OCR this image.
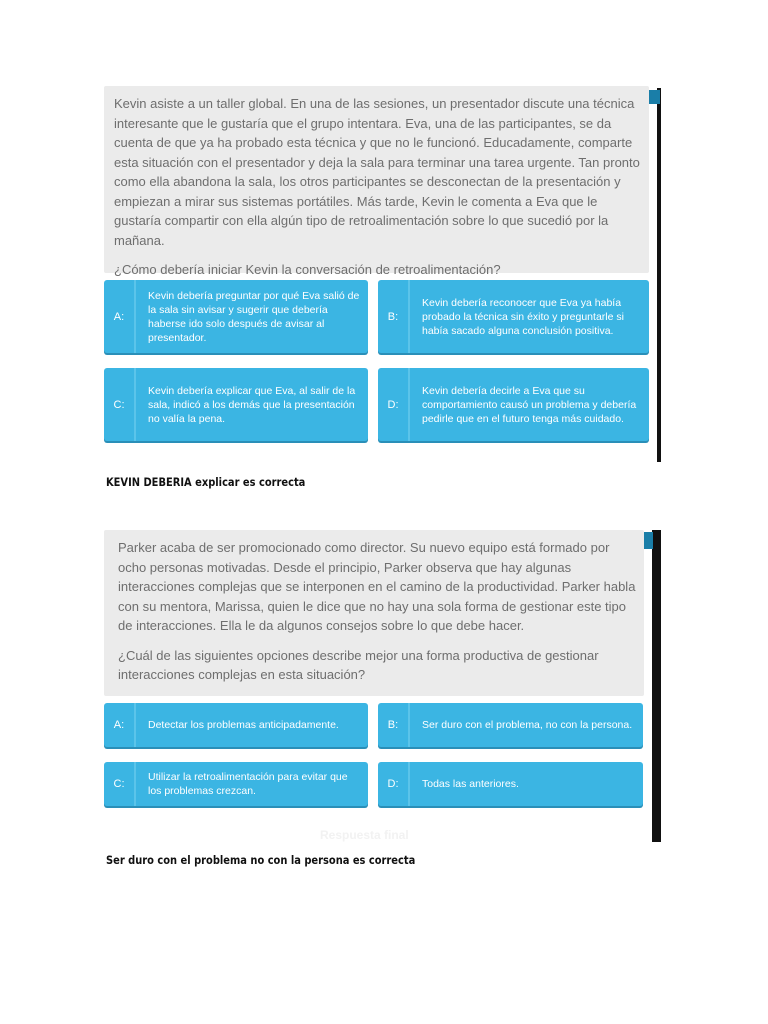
Kevin asiste a un taller global. En una de las sesiones, un presentador discute una técnica interesante que le gustaría que el grupo intentara. Eva, una de las participantes, se da cuenta de que ya ha probado esta técnica y que no le funcionó. Educadamente, comparte esta situación con el presentador y deja la sala para terminar una tarea urgente. Tan pronto como ella abandona la sala, los otros participantes se desconectan de la presentación y empiezan a mirar sus sistemas portátiles. Más tarde, Kevin le comenta a Eva que le gustaría compartir con ella algún tipo de retroalimentación sobre lo que sucedió por la mañana.

¿Cómo debería iniciar Kevin la conversación de retroalimentación?

A:
Kevin debería preguntar por qué Eva salió de la sala sin avisar y sugerir que debería haberse ido solo después de avisar al presentador.
B:
Kevin debería reconocer que Eva ya había probado la técnica sin éxito y preguntarle si había sacado alguna conclusión positiva.
C:
Kevin debería explicar que Eva, al salir de la sala, indicó a los demás que la presentación no valía la pena.
D:
Kevin debería decirle a Eva que su comportamiento causó un problema y debería pedirle que en el futuro tenga más cuidado.
KEVIN DEBERIA explicar es correcta

Parker acaba de ser promocionado como director. Su nuevo equipo está formado por ocho personas motivadas. Desde el principio, Parker observa que hay algunas interacciones complejas que se interponen en el camino de la productividad. Parker habla con su mentora, Marissa, quien le dice que no hay una sola forma de gestionar este tipo de interacciones. Ella le da algunos consejos sobre lo que debe hacer.

¿Cuál de las siguientes opciones describe mejor una forma productiva de gestionar interacciones complejas en esta situación?

A:	Detectar los problemas anticipadamente.	B:	Ser duro con el problema, no con la persona.
C:
Utilizar la retroalimentación para evitar que los problemas crezcan.
D:	Todas las anteriores.
Respuesta final
Ser duro con el problema no con la persona es correcta
